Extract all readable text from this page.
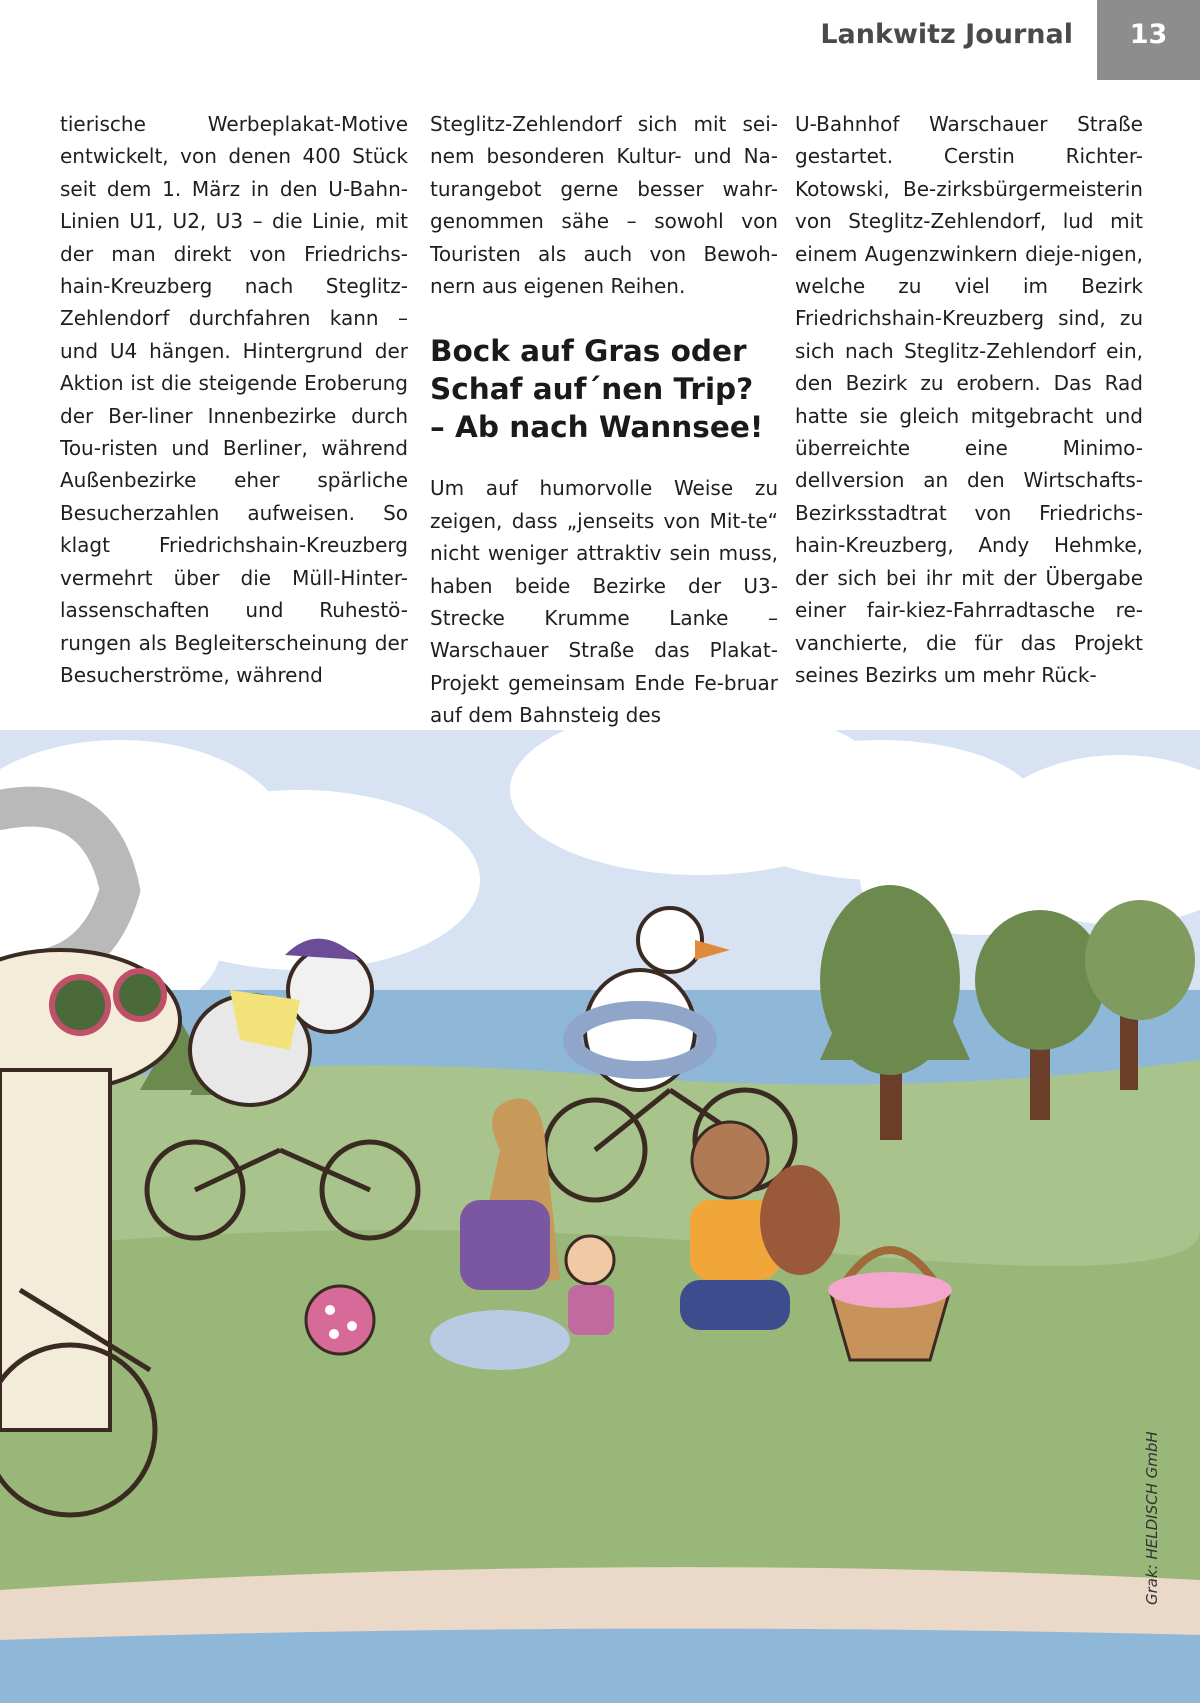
Lankwitz Journal	13

tierische Werbeplakat-Motive entwickelt, von denen 400 Stück seit dem 1. März in den U-Bahn-Linien U1, U2, U3 – die Linie, mit der man direkt von Friedrichs-hain-Kreuzberg nach Steglitz-Zehlendorf durchfahren kann – und U4 hängen. Hintergrund der Aktion ist die steigende Eroberung der Ber-liner Innenbezirke durch Tou-risten und Berliner, während Außenbezirke eher spärliche Besucherzahlen aufweisen. So klagt Friedrichshain-Kreuzberg vermehrt über die Müll-Hinter-lassenschaften und Ruhestö-rungen als Begleiterscheinung der Besucherströme, während

Steglitz-Zehlendorf sich mit sei-nem besonderen Kultur- und Na-turangebot gerne besser wahr-genommen sähe – sowohl von Touristen als auch von Bewoh-nern aus eigenen Reihen.

Bock auf Gras oder Schaf auf´nen Trip? – Ab nach Wannsee!

Um auf humorvolle Weise zu zeigen, dass „jenseits von Mit-te“ nicht weniger attraktiv sein muss, haben beide Bezirke der U3-Strecke Krumme Lanke – Warschauer Straße das Plakat-Projekt gemeinsam Ende Fe-bruar auf dem Bahnsteig des

U-Bahnhof Warschauer Straße gestartet. Cerstin Richter-Kotowski, Be-zirksbürgermeisterin von Steglitz-Zehlendorf, lud mit einem Augenzwinkern dieje-nigen, welche zu viel im Bezirk Friedrichshain-Kreuzberg sind, zu sich nach Steglitz-Zehlendorf ein, den Bezirk zu erobern. Das Rad hatte sie gleich mitgebracht und überreichte eine Minimo-dellversion an den Wirtschafts-Bezirksstadtrat von Friedrichs-hain-Kreuzberg, Andy Hehmke, der sich bei ihr mit der Übergabe einer fair-kiez-Fahrradtasche re-vanchierte, die für das Projekt seines Bezirks um mehr Rück-

Grak: HELDISCH GmbH
